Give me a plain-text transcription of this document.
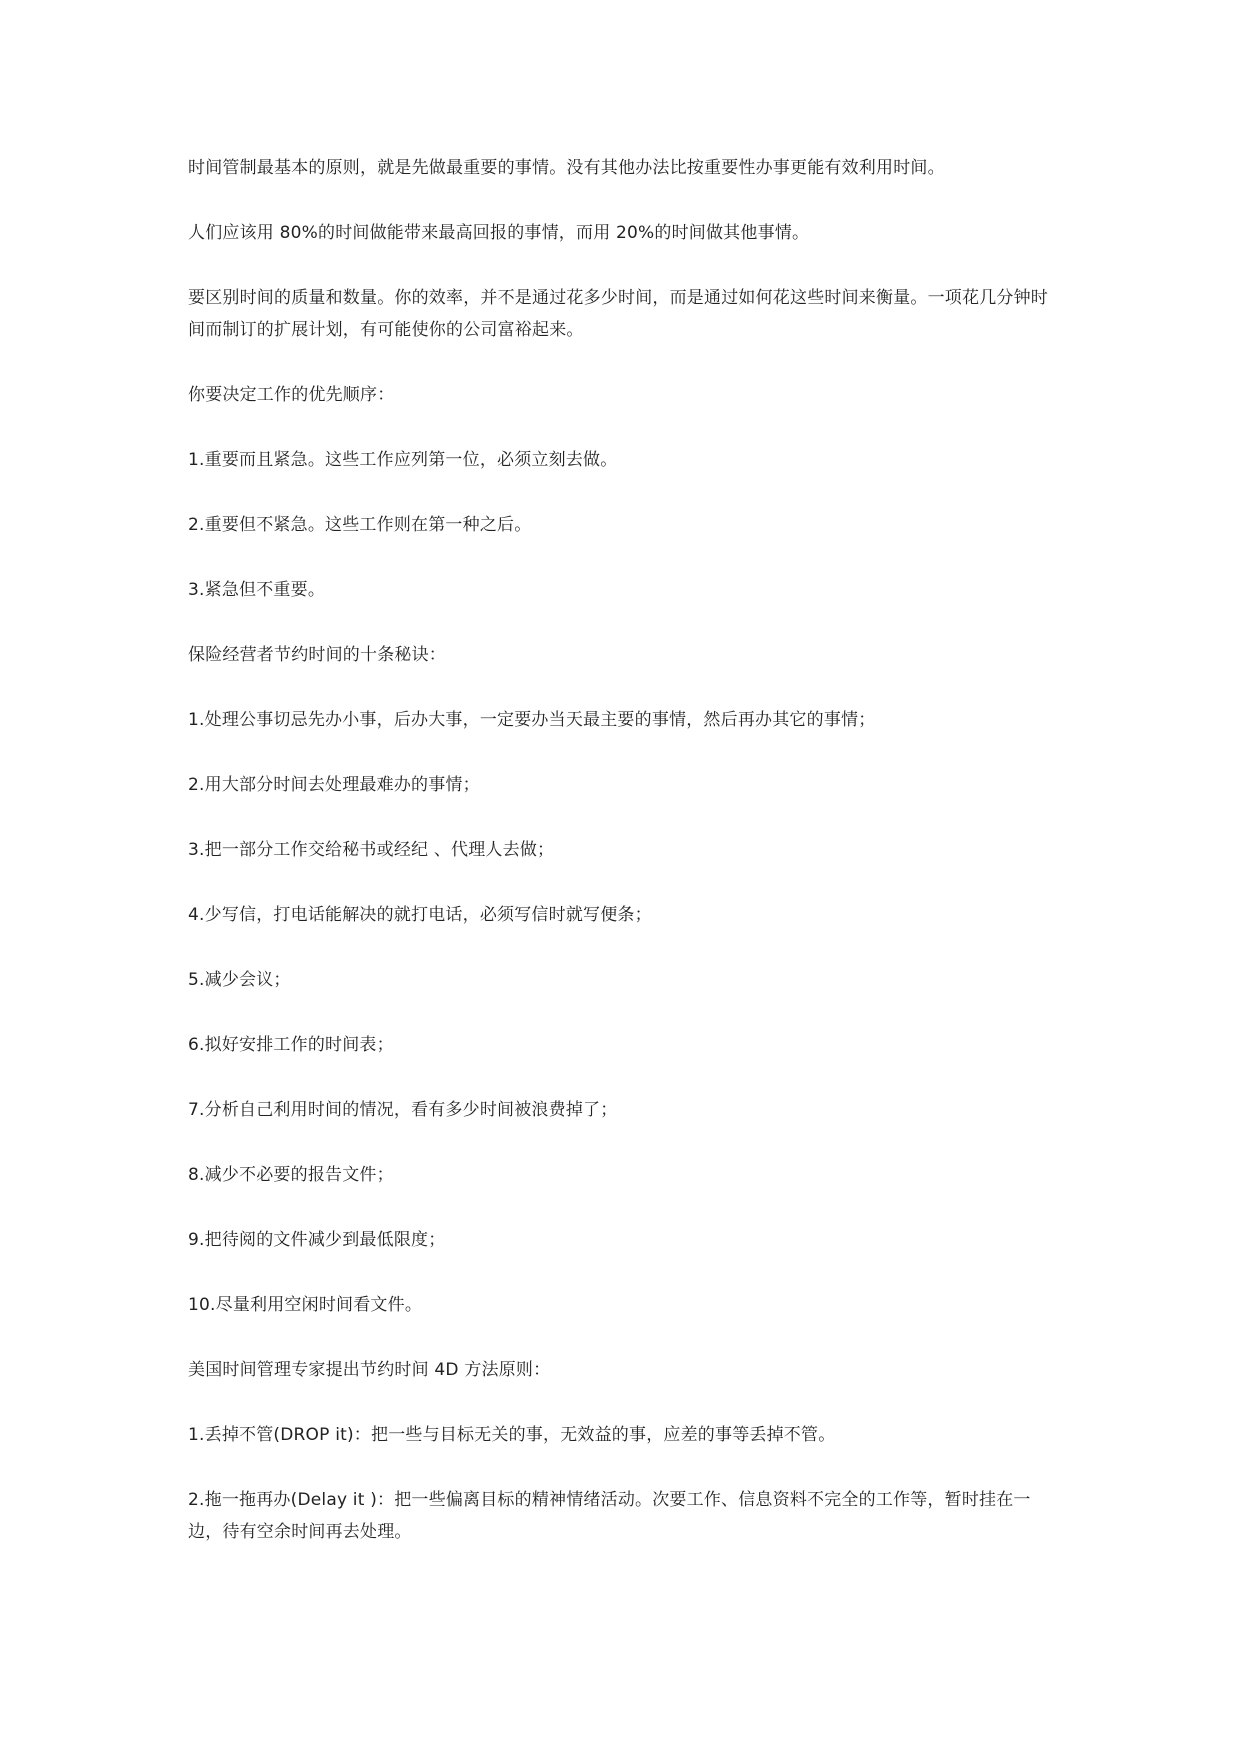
时间管制最基本的原则，就是先做最重要的事情。没有其他办法比按重要性办事更能有效利用时间。

人们应该用 80%的时间做能带来最高回报的事情，而用 20%的时间做其他事情。

要区别时间的质量和数量。你的效率，并不是通过花多少时间，而是通过如何花这些时间来衡量。一项花几分钟时间而制订的扩展计划，有可能使你的公司富裕起来。

你要决定工作的优先顺序：

1.重要而且紧急。这些工作应列第一位，必须立刻去做。

2.重要但不紧急。这些工作则在第一种之后。

3.紧急但不重要。

保险经营者节约时间的十条秘诀：

1.处理公事切忌先办小事，后办大事，一定要办当天最主要的事情，然后再办其它的事情；

2.用大部分时间去处理最难办的事情；

3.把一部分工作交给秘书或经纪 、代理人去做；

4.少写信，打电话能解决的就打电话，必须写信时就写便条；

5.减少会议；

6.拟好安排工作的时间表；

7.分析自己利用时间的情况，看有多少时间被浪费掉了；

8.减少不必要的报告文件；

9.把待阅的文件减少到最低限度；

10.尽量利用空闲时间看文件。

美国时间管理专家提出节约时间 4D 方法原则：

1.丢掉不管(DROP it)：把一些与目标无关的事，无效益的事，应差的事等丢掉不管。

2.拖一拖再办(Delay it )：把一些偏离目标的精神情绪活动。次要工作、信息资料不完全的工作等，暂时挂在一边，待有空余时间再去处理。
